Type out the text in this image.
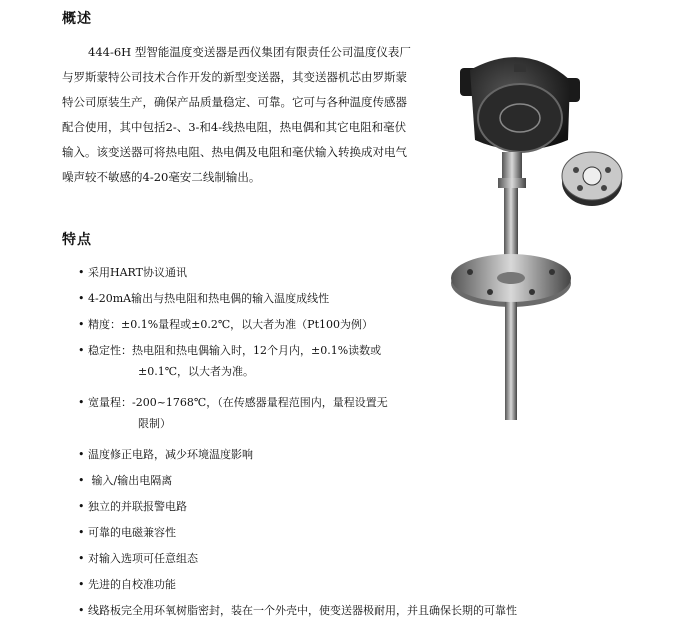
概述

444-6H 型智能温度变送器是西仪集团有限责任公司温度仪表厂与罗斯蒙特公司技术合作开发的新型变送器，其变送器机芯由罗斯蒙特公司原装生产，确保产品质量稳定、可靠。它可与各种温度传感器配合使用，其中包括2-、3-和4-线热电阻，热电偶和其它电阻和毫伏输入。该变送器可将热电阻、热电偶及电阻和毫伏输入转换成对电气噪声较不敏感的4-20毫安二线制输出。

特点
• 采用HART协议通讯
• 4-20mA输出与热电阻和热电偶的输入温度成线性
• 精度：±0.1%量程或±0.2℃，以大者为准（Pt100为例）
• 稳定性：热电阻和热电偶输入时，12个月内，±0.1%读数或
±0.1℃，以大者为准。
• 宽量程：-200~1768℃，（在传感器量程范围内，量程设置无
限制）
• 温度修正电路，减少环境温度影响
• 输入/输出电隔离
• 独立的并联报警电路
• 可靠的电磁兼容性
• 对输入选项可任意组态
• 先进的自校准功能
• 线路板完全用环氧树脂密封，装在一个外壳中，使变送器极耐用，并且确保长期的可靠性
